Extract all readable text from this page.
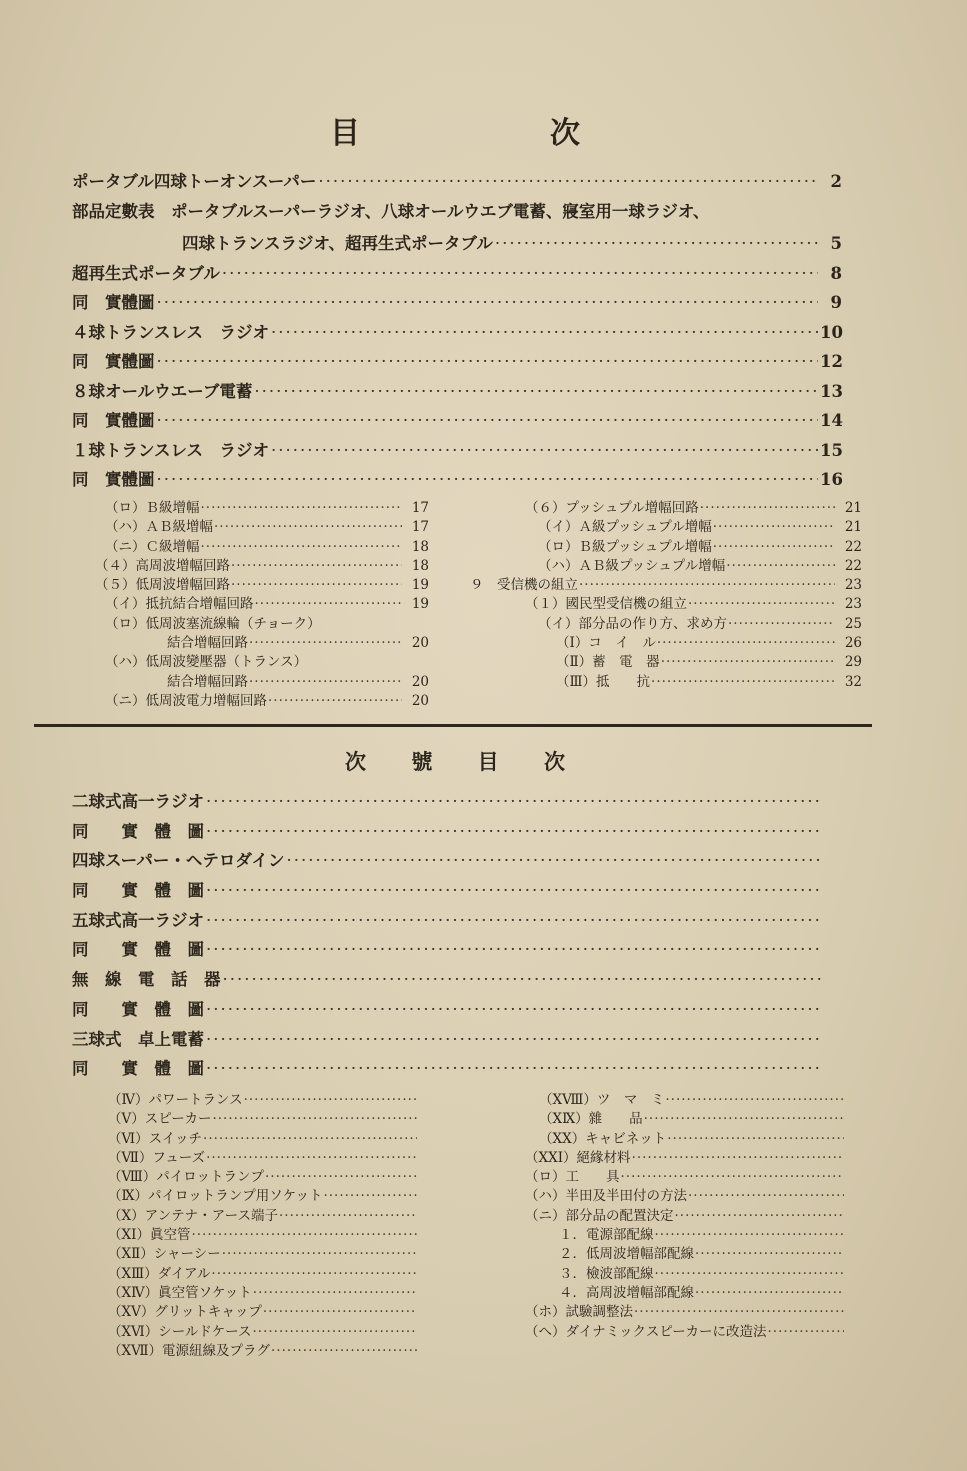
目	次
ポータブル四球トーオンスーパー ·····	2
部品定數表　ポータブルスーパーラジオ、八球オールウエブ電蓄、寢室用一球ラジオ、
四球トランスラジオ、超再生式ポータブル ·····	5
超再生式ポータブル ·····	8
同　實體圖 ·····	9
４球トランスレス　ラジオ ·····	10
同　實體圖 ·····	12
８球オールウエーブ電蓄 ·····	13
同　實體圖 ·····	14
１球トランスレス　ラジオ ·····	15
同　實體圖 ·····	16
（ロ）Ｂ級增幅 ·····	17
（ハ）ＡＢ級增幅 ·····	17
（ニ）Ｃ級增幅 ·····	18
（４）高周波增幅回路 ·····	18
（５）低周波增幅回路 ·····	19
（イ）抵抗結合增幅回路 ·····	19
（ロ）低周波塞流線輪（チョーク）
結合增幅回路 ·····	20
（ハ）低周波變壓器（トランス）
結合增幅回路 ·····	20
（ニ）低周波電力增幅回路 ·····	20
（６）プッシュプル增幅回路 ·····	21
（イ）Ａ級プッシュプル增幅 ·····	21
（ロ）Ｂ級プッシュプル增幅 ·····	22
（ハ）ＡＢ級プッシュプル增幅 ·····	22
９　受信機の組立 ·····	23
（１）國民型受信機の組立 ·····	23
（イ）部分品の作り方、求め方 ·····	25
（Ⅰ）コ　イ　ル ·····	26
（Ⅱ）蓄　電　器 ·····	29
（Ⅲ）抵　　抗 ·····	32
次 號 目 次
二球式高一ラジオ
·····
同　　實　體　圖
·····
四球スーパー・ヘテロダイン
·····
同　　實　體　圖
·····
五球式高一ラジオ
·····
同　　實　體　圖
·····
無　線　電　話　器
·····
同　　實　體　圖
·····
三球式　卓上電蓄
·····
同　　實　體　圖
·····
（Ⅳ）パワートランス
·····
（Ⅴ）スピーカー
·····
（Ⅵ）スイッチ
·····
（Ⅶ）フューズ
·····
（Ⅷ）パイロットランプ
·····
（Ⅸ）パイロットランプ用ソケット
·····
（Ⅹ）アンテナ・アース端子
·····
（ⅩⅠ）眞空管
·····
（ⅩⅡ）シャーシー
·····
（ⅩⅢ）ダイアル
·····
（ⅩⅣ）眞空管ソケット
·····
（ⅩⅤ）グリットキャップ
·····
（ⅩⅥ）シールドケース
·····
（ⅩⅦ）電源紐線及プラグ
·····
（ⅩⅧ）ツ　マ　ミ
·····
（ⅩⅨ）雜　　品
·····
（ⅩⅩ）キャビネット
·····
（ⅩⅩⅠ）絕緣材料
·····
（ロ）工　　具
·····
（ハ）半田及半田付の方法
·····
（ニ）部分品の配置決定
·····
１．電源部配線
·····
２．低周波增幅部配線
·····
３．檢波部配線
·····
４．高周波增幅部配線
·····
（ホ）試驗調整法
·····
（へ）ダイナミックスピーカーに改造法
·····
